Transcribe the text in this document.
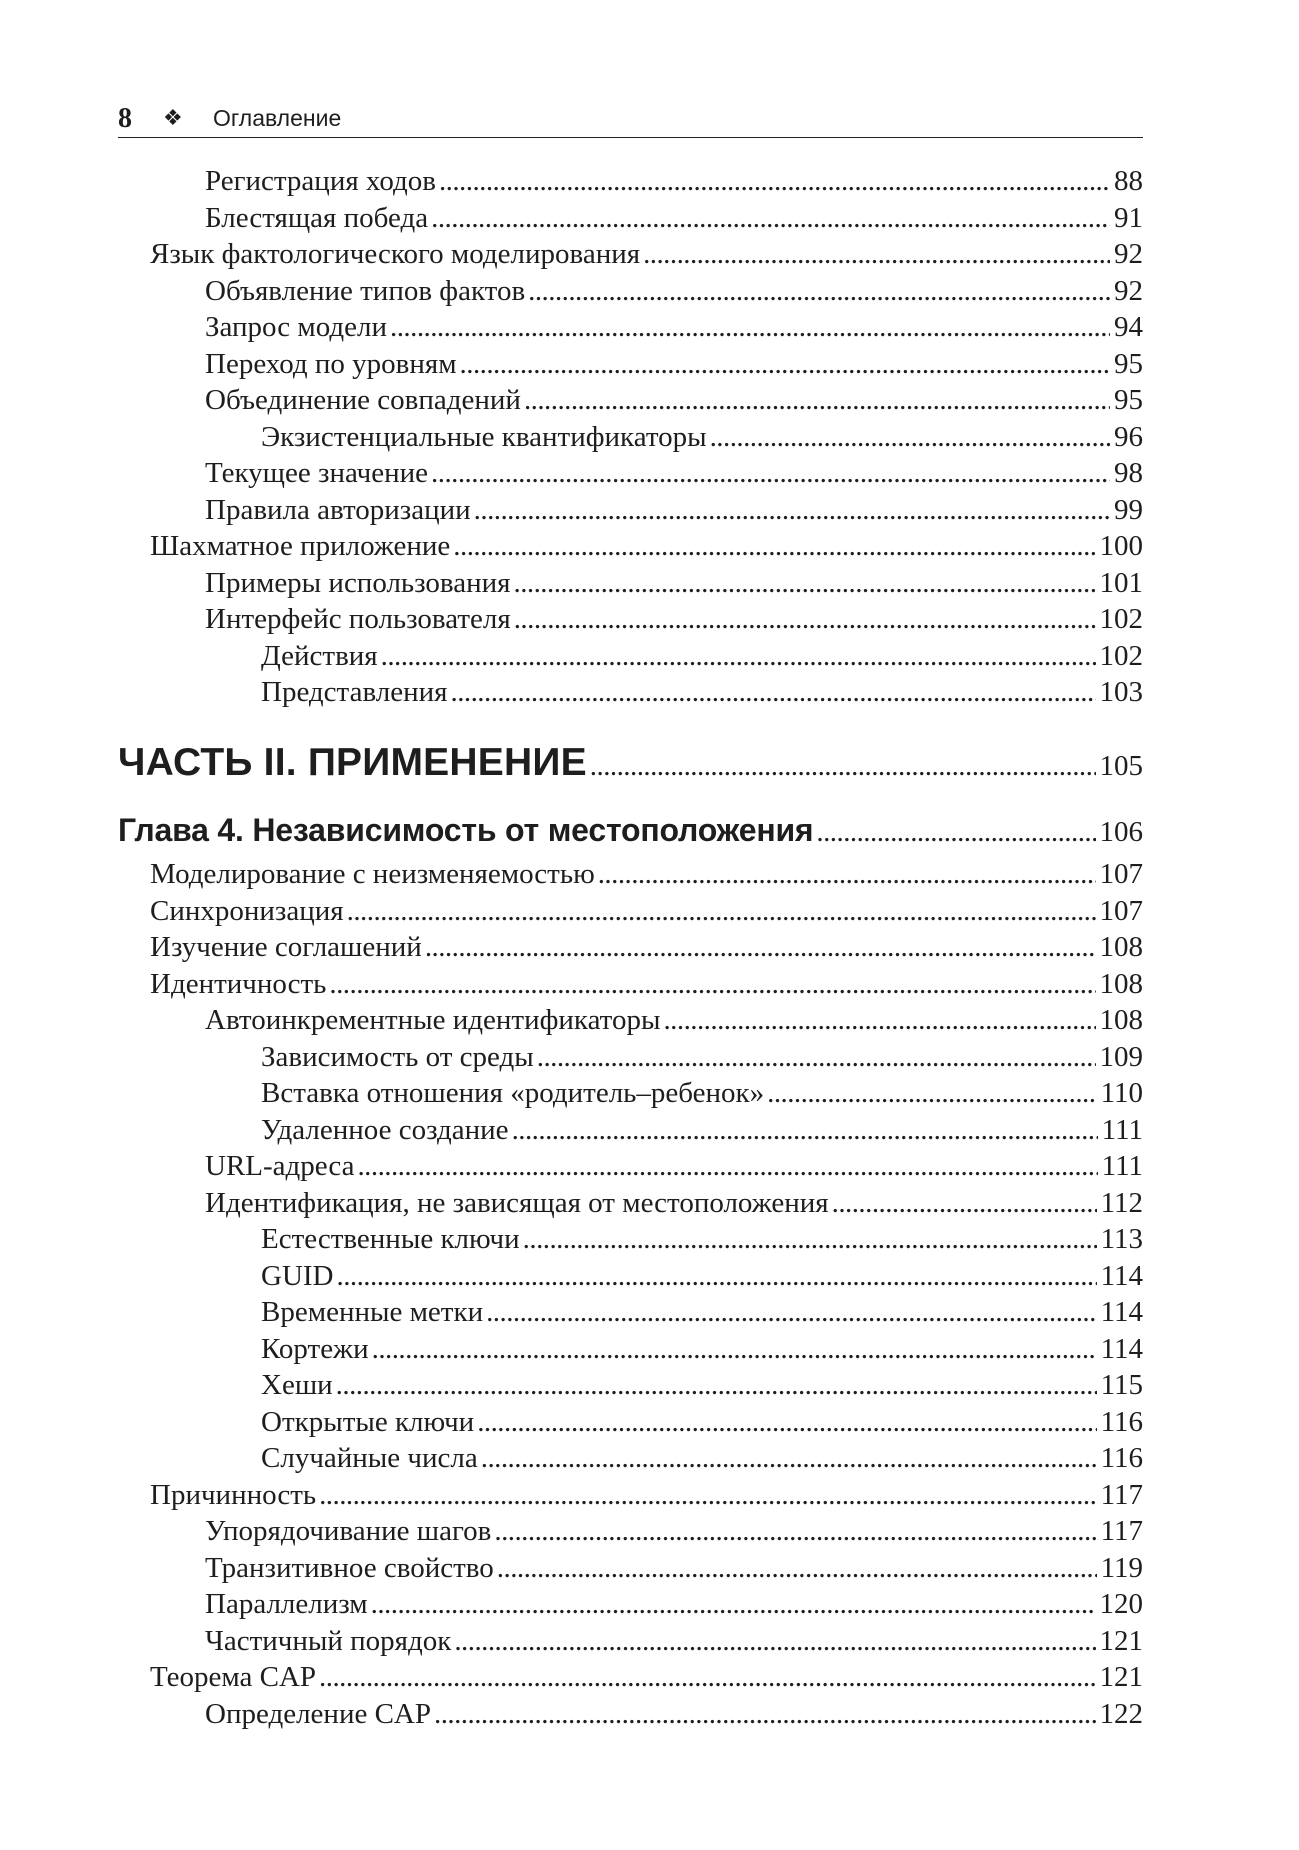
8 ❖ Оглавление
Регистрация ходов .....	88
Блестящая победа .....	91
Язык фактологического моделирования .....	92
Объявление типов фактов .....	92
Запрос модели .....	94
Переход по уровням .....	95
Объединение совпадений .....	95
Экзистенциальные квантификаторы .....	96
Текущее значение .....	98
Правила авторизации .....	99
Шахматное приложение .....	100
Примеры использования .....	101
Интерфейс пользователя .....	102
Действия .....	102
Представления .....	103
ЧАСТЬ II. ПРИМЕНЕНИЕ .....	105
Глава 4. Независимость от местоположения .....	106
Моделирование с неизменяемостью .....	107
Синхронизация .....	107
Изучение соглашений .....	108
Идентичность .....	108
Автоинкрементные идентификаторы .....	108
Зависимость от среды .....	109
Вставка отношения «родитель–ребенок» .....	110
Удаленное создание .....	111
URL-адреса .....	111
Идентификация, не зависящая от местоположения .....	112
Естественные ключи .....	113
GUID .....	114
Временные метки .....	114
Кортежи .....	114
Хеши .....	115
Открытые ключи .....	116
Случайные числа .....	116
Причинность .....	117
Упорядочивание шагов .....	117
Транзитивное свойство .....	119
Параллелизм .....	120
Частичный порядок .....	121
Теорема CAP .....	121
Определение CAP .....	122
